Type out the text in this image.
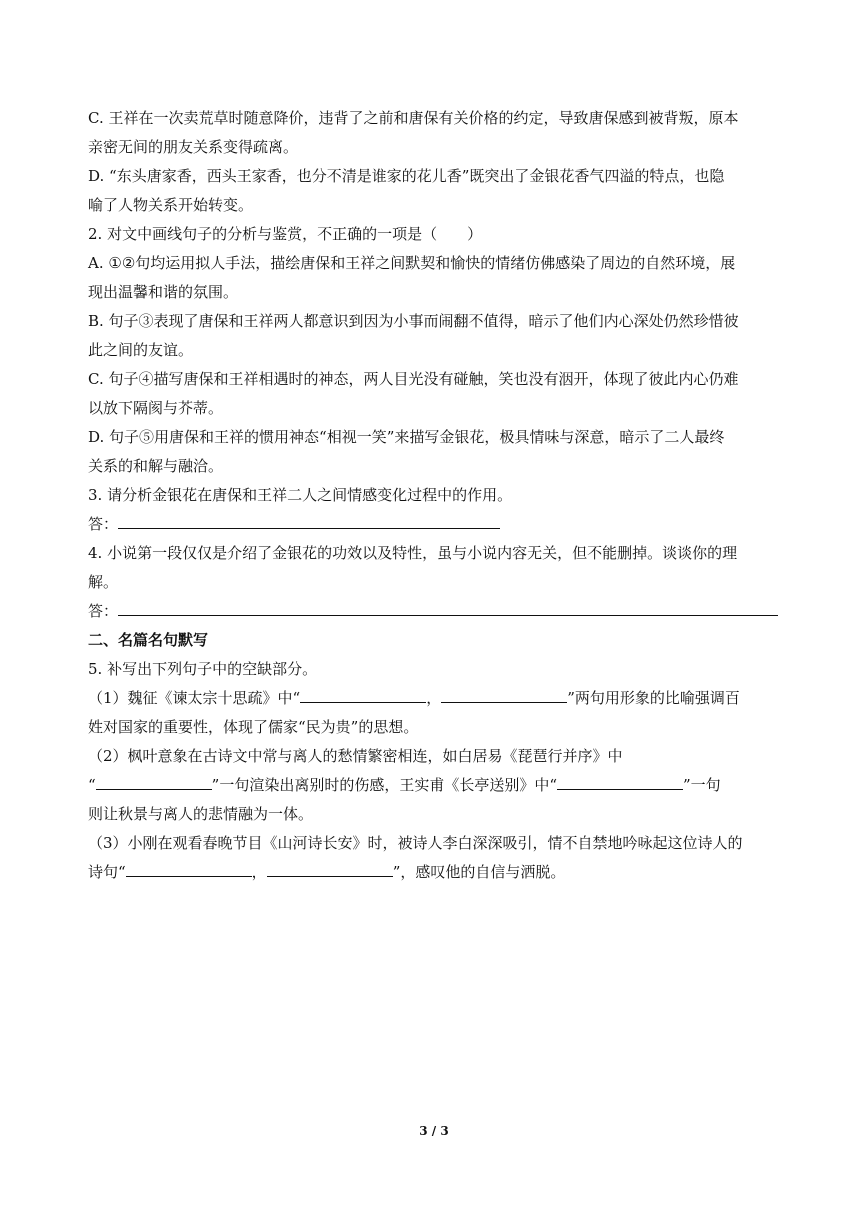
C. 王祥在一次卖荒草时随意降价，违背了之前和唐保有关价格的约定，导致唐保感到被背叛，原本
亲密无间的朋友关系变得疏离。
D. “东头唐家香，西头王家香，也分不清是谁家的花儿香”既突出了金银花香气四溢的特点，也隐
喻了人物关系开始转变。
2. 对文中画线句子的分析与鉴赏，不正确的一项是（　　）
A. ①②句均运用拟人手法，描绘唐保和王祥之间默契和愉快的情绪仿佛感染了周边的自然环境，展
现出温馨和谐的氛围。
B. 句子③表现了唐保和王祥两人都意识到因为小事而闹翻不值得，暗示了他们内心深处仍然珍惜彼
此之间的友谊。
C. 句子④描写唐保和王祥相遇时的神态，两人目光没有碰触，笑也没有洇开，体现了彼此内心仍难
以放下隔阂与芥蒂。
D. 句子⑤用唐保和王祥的惯用神态“相视一笑”来描写金银花，极具情味与深意，暗示了二人最终
关系的和解与融洽。
3. 请分析金银花在唐保和王祥二人之间情感变化过程中的作用。
答：
4. 小说第一段仅仅是介绍了金银花的功效以及特性，虽与小说内容无关，但不能删掉。谈谈你的理
解。
答：
二、名篇名句默写
5. 补写出下列句子中的空缺部分。
（1）魏征《谏太宗十思疏》中“	，	”两句用形象的比喻强调百
姓对国家的重要性，体现了儒家“民为贵”的思想。
（2）枫叶意象在古诗文中常与离人的愁情繁密相连，如白居易《琵琶行并序》中
“	”一句渲染出离别时的伤感，王实甫《长亭送别》中“	”一句
则让秋景与离人的悲情融为一体。
（3）小刚在观看春晚节目《山河诗长安》时，被诗人李白深深吸引，情不自禁地吟咏起这位诗人的
诗句“	，	”，感叹他的自信与洒脱。
3 / 3
